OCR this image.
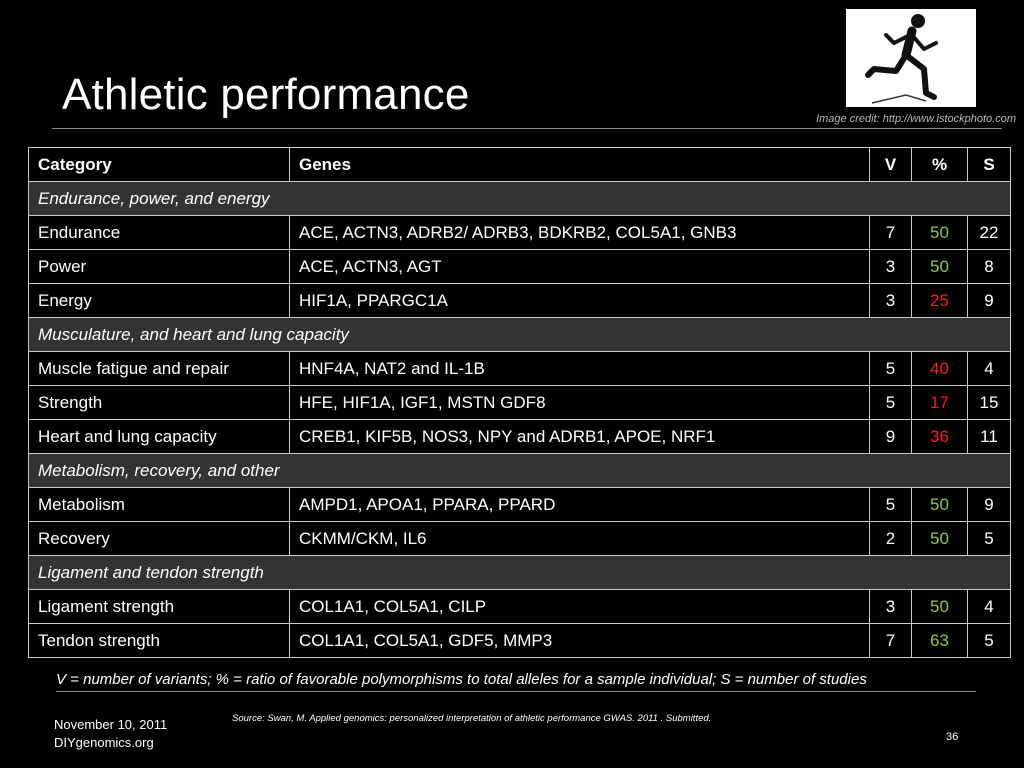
Athletic performance	Image credit: http://www.istockphoto.com
Category	Genes	V	%	S
Endurance, power, and energy				
Endurance	ACE, ACTN3, ADRB2/ ADRB3, BDKRB2, COL5A1, GNB3	7	50	22
Power	ACE, ACTN3, AGT	3	50	8
Energy	HIF1A, PPARGC1A	3	25	9
Musculature, and heart and lung capacity				
Muscle fatigue and repair	HNF4A, NAT2 and IL-1B	5	40	4
Strength	HFE, HIF1A, IGF1, MSTN GDF8	5	17	15
Heart and lung capacity	CREB1, KIF5B, NOS3, NPY and ADRB1, APOE, NRF1	9	36	11
Metabolism, recovery, and other				
Metabolism	AMPD1, APOA1, PPARA, PPARD	5	50	9
Recovery	CKMM/CKM, IL6	2	50	5
Ligament and tendon strength				
Ligament strength	COL1A1, COL5A1, CILP	3	50	4
Tendon strength	COL1A1, COL5A1, GDF5, MMP3	7	63	5
V = number of variants; % = ratio of favorable polymorphisms to total alleles for a sample individual; S = number of studies
November 10, 2011
DIYgenomics.org
Source: Swan, M. Applied genomics: personalized interpretation of athletic performance GWAS. 2011 . Submitted.
36
